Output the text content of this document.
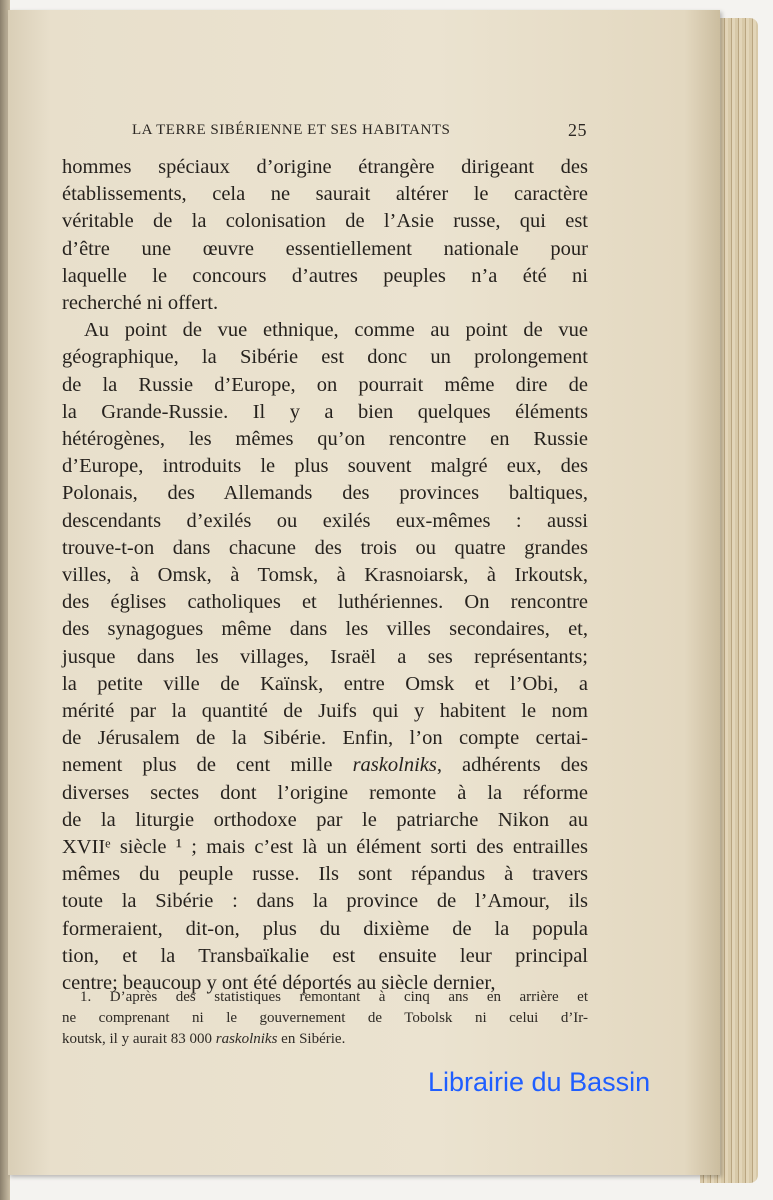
LA TERRE SIBÉRIENNE ET SES HABITANTS	25
hommes spéciaux d’origine étrangère dirigeant des
établissements, cela ne saurait altérer le caractère
véritable de la colonisation de l’Asie russe, qui est
d’être une œuvre essentiellement nationale pour
laquelle le concours d’autres peuples n’a été ni
recherché ni offert.
Au point de vue ethnique, comme au point de vue
géographique, la Sibérie est donc un prolongement
de la Russie d’Europe, on pourrait même dire de
la Grande-Russie. Il y a bien quelques éléments
hétérogènes, les mêmes qu’on rencontre en Russie
d’Europe, introduits le plus souvent malgré eux, des
Polonais, des Allemands des provinces baltiques,
descendants d’exilés ou exilés eux-mêmes : aussi
trouve-t-on dans chacune des trois ou quatre grandes
villes, à Omsk, à Tomsk, à Krasnoiarsk, à Irkoutsk,
des églises catholiques et luthériennes. On rencontre
des synagogues même dans les villes secondaires, et,
jusque dans les villages, Israël a ses représentants;
la petite ville de Kaïnsk, entre Omsk et l’Obi, a
mérité par la quantité de Juifs qui y habitent le nom
de Jérusalem de la Sibérie. Enfin, l’on compte certai-
nement plus de cent mille raskolniks, adhérents des
diverses sectes dont l’origine remonte à la réforme
de la liturgie orthodoxe par le patriarche Nikon au
XVIIᵉ siècle ¹ ; mais c’est là un élément sorti des entrailles
mêmes du peuple russe. Ils sont répandus à travers
toute la Sibérie : dans la province de l’Amour, ils
formeraient, dit-on, plus du dixième de la popula
tion, et la Transbaïkalie est ensuite leur principal
centre; beaucoup y ont été déportés au siècle dernier,
1. D’après des statistiques remontant à cinq ans en arrière et
ne comprenant ni le gouvernement de Tobolsk ni celui d’Ir-
koutsk, il y aurait 83 000 raskolniks en Sibérie.
Librairie du Bassin
